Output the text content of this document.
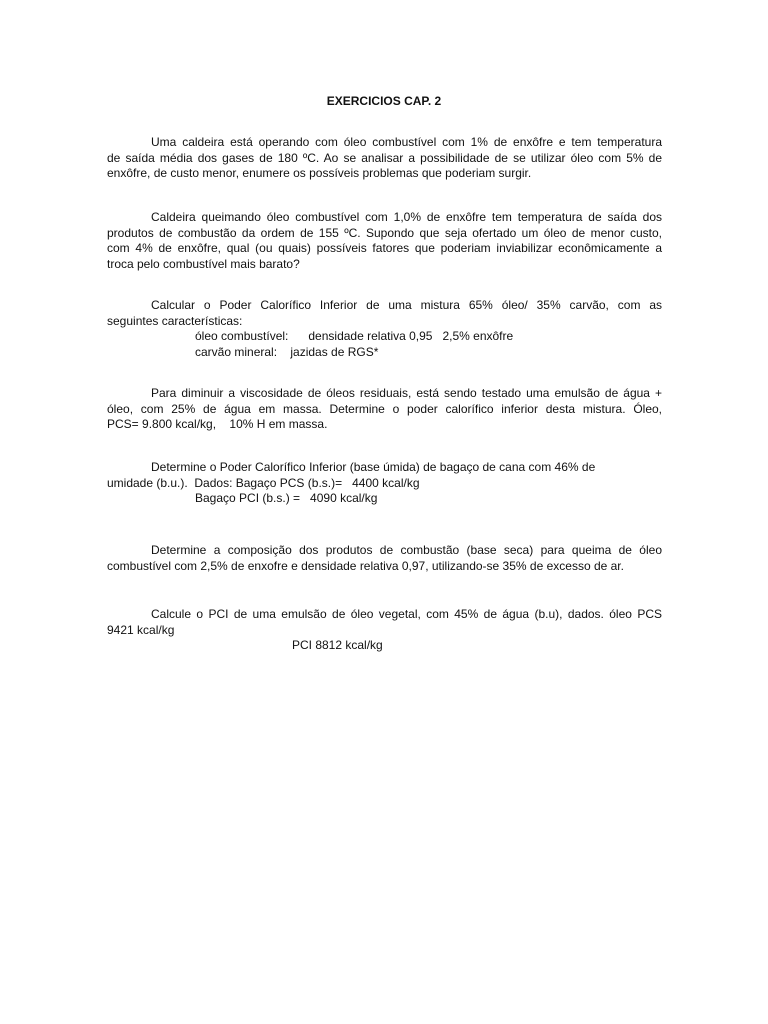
EXERCICIOS CAP. 2
Uma caldeira está operando com óleo combustível com 1% de enxôfre e tem temperatura
de saída média dos gases de 180 ºC. Ao se analisar a possibilidade de se utilizar óleo com 5% de
enxôfre, de custo menor, enumere os possíveis problemas que poderiam surgir.
Caldeira queimando óleo combustível com 1,0% de enxôfre tem temperatura de saída dos
produtos de combustão da ordem de 155 ºC. Supondo que seja ofertado um óleo de menor custo,
com 4% de enxôfre, qual (ou quais) possíveis fatores que poderiam inviabilizar econômicamente a
troca pelo combustível mais barato?
Calcular o Poder Calorífico Inferior de uma mistura 65% óleo/ 35% carvão, com as
seguintes características:
óleo combustível:      densidade relativa 0,95   2,5% enxôfre
carvão mineral:    jazidas de RGS*
Para diminuir a viscosidade de óleos residuais, está sendo testado uma emulsão de água +
óleo, com 25% de água em massa. Determine o poder calorífico inferior desta mistura. Óleo,
PCS= 9.800 kcal/kg,    10% H em massa.
Determine o Poder Calorífico Inferior (base úmida) de bagaço de cana com 46% de
umidade (b.u.).  Dados: Bagaço PCS (b.s.)=   4400 kcal/kg
Bagaço PCI (b.s.) =   4090 kcal/kg
Determine a composição dos produtos de combustão (base seca) para queima de óleo
combustível com 2,5% de enxofre e densidade relativa 0,97, utilizando-se 35% de excesso de ar.
Calcule o PCI de uma emulsão de óleo vegetal, com 45% de água (b.u), dados. óleo PCS
9421 kcal/kg
PCI 8812 kcal/kg
